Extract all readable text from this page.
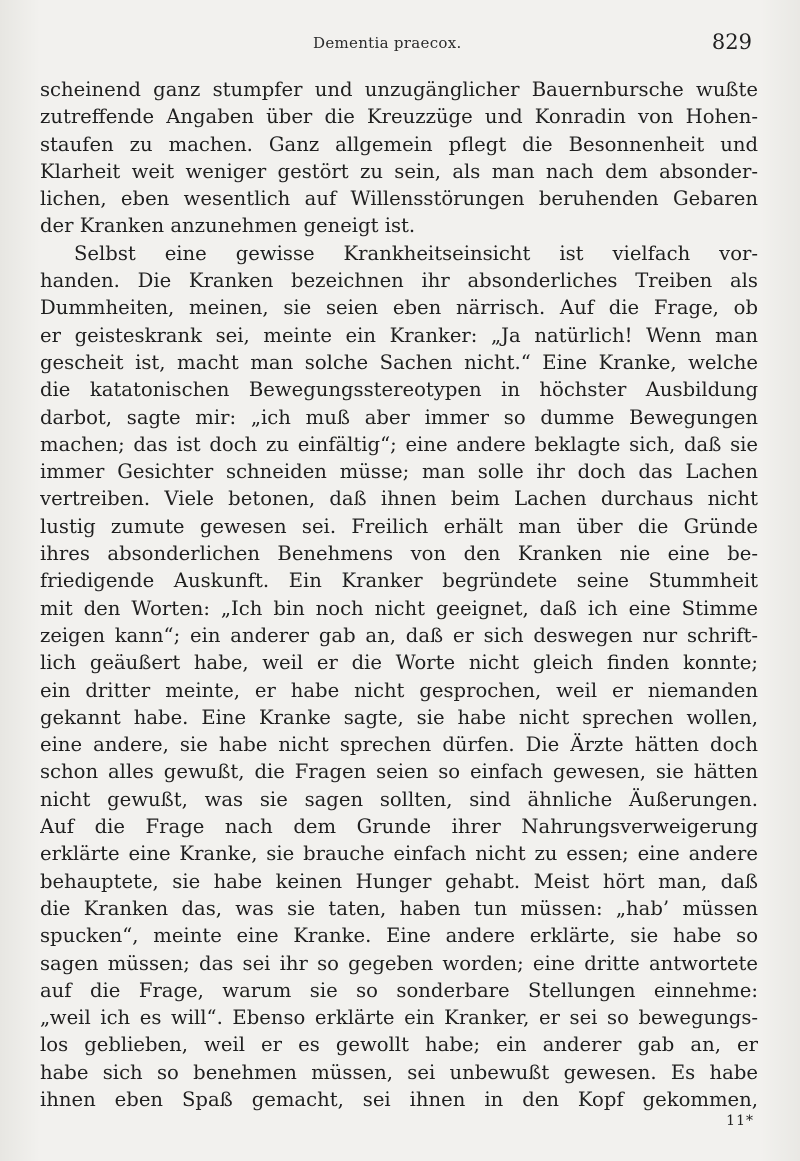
Dementia praecox.	829
scheinend ganz stumpfer und unzugänglicher Bauernbursche wußte
zutreffende Angaben über die Kreuzzüge und Konradin von Hohen-
staufen zu machen. Ganz allgemein pflegt die Besonnenheit und
Klarheit weit weniger gestört zu sein, als man nach dem absonder-
lichen, eben wesentlich auf Willensstörungen beruhenden Gebaren
der Kranken anzunehmen geneigt ist.
Selbst eine gewisse Krankheitseinsicht ist vielfach vor-
handen. Die Kranken bezeichnen ihr absonderliches Treiben als
Dummheiten, meinen, sie seien eben närrisch. Auf die Frage, ob
er geisteskrank sei, meinte ein Kranker: „Ja natürlich! Wenn man
gescheit ist, macht man solche Sachen nicht.“ Eine Kranke, welche
die katatonischen Bewegungsstereotypen in höchster Ausbildung
darbot, sagte mir: „ich muß aber immer so dumme Bewegungen
machen; das ist doch zu einfältig“; eine andere beklagte sich, daß sie
immer Gesichter schneiden müsse; man solle ihr doch das Lachen
vertreiben. Viele betonen, daß ihnen beim Lachen durchaus nicht
lustig zumute gewesen sei. Freilich erhält man über die Gründe
ihres absonderlichen Benehmens von den Kranken nie eine be-
friedigende Auskunft. Ein Kranker begründete seine Stummheit
mit den Worten: „Ich bin noch nicht geeignet, daß ich eine Stimme
zeigen kann“; ein anderer gab an, daß er sich deswegen nur schrift-
lich geäußert habe, weil er die Worte nicht gleich finden konnte;
ein dritter meinte, er habe nicht gesprochen, weil er niemanden
gekannt habe. Eine Kranke sagte, sie habe nicht sprechen wollen,
eine andere, sie habe nicht sprechen dürfen. Die Ärzte hätten doch
schon alles gewußt, die Fragen seien so einfach gewesen, sie hätten
nicht gewußt, was sie sagen sollten, sind ähnliche Äußerungen.
Auf die Frage nach dem Grunde ihrer Nahrungsverweigerung
erklärte eine Kranke, sie brauche einfach nicht zu essen; eine andere
behauptete, sie habe keinen Hunger gehabt. Meist hört man, daß
die Kranken das, was sie taten, haben tun müssen: „hab’ müssen
spucken“, meinte eine Kranke. Eine andere erklärte, sie habe so
sagen müssen; das sei ihr so gegeben worden; eine dritte antwortete
auf die Frage, warum sie so sonderbare Stellungen einnehme:
„weil ich es will“. Ebenso erklärte ein Kranker, er sei so bewegungs-
los geblieben, weil er es gewollt habe; ein anderer gab an, er
habe sich so benehmen müssen, sei unbewußt gewesen. Es habe
ihnen eben Spaß gemacht, sei ihnen in den Kopf gekommen,
11*
